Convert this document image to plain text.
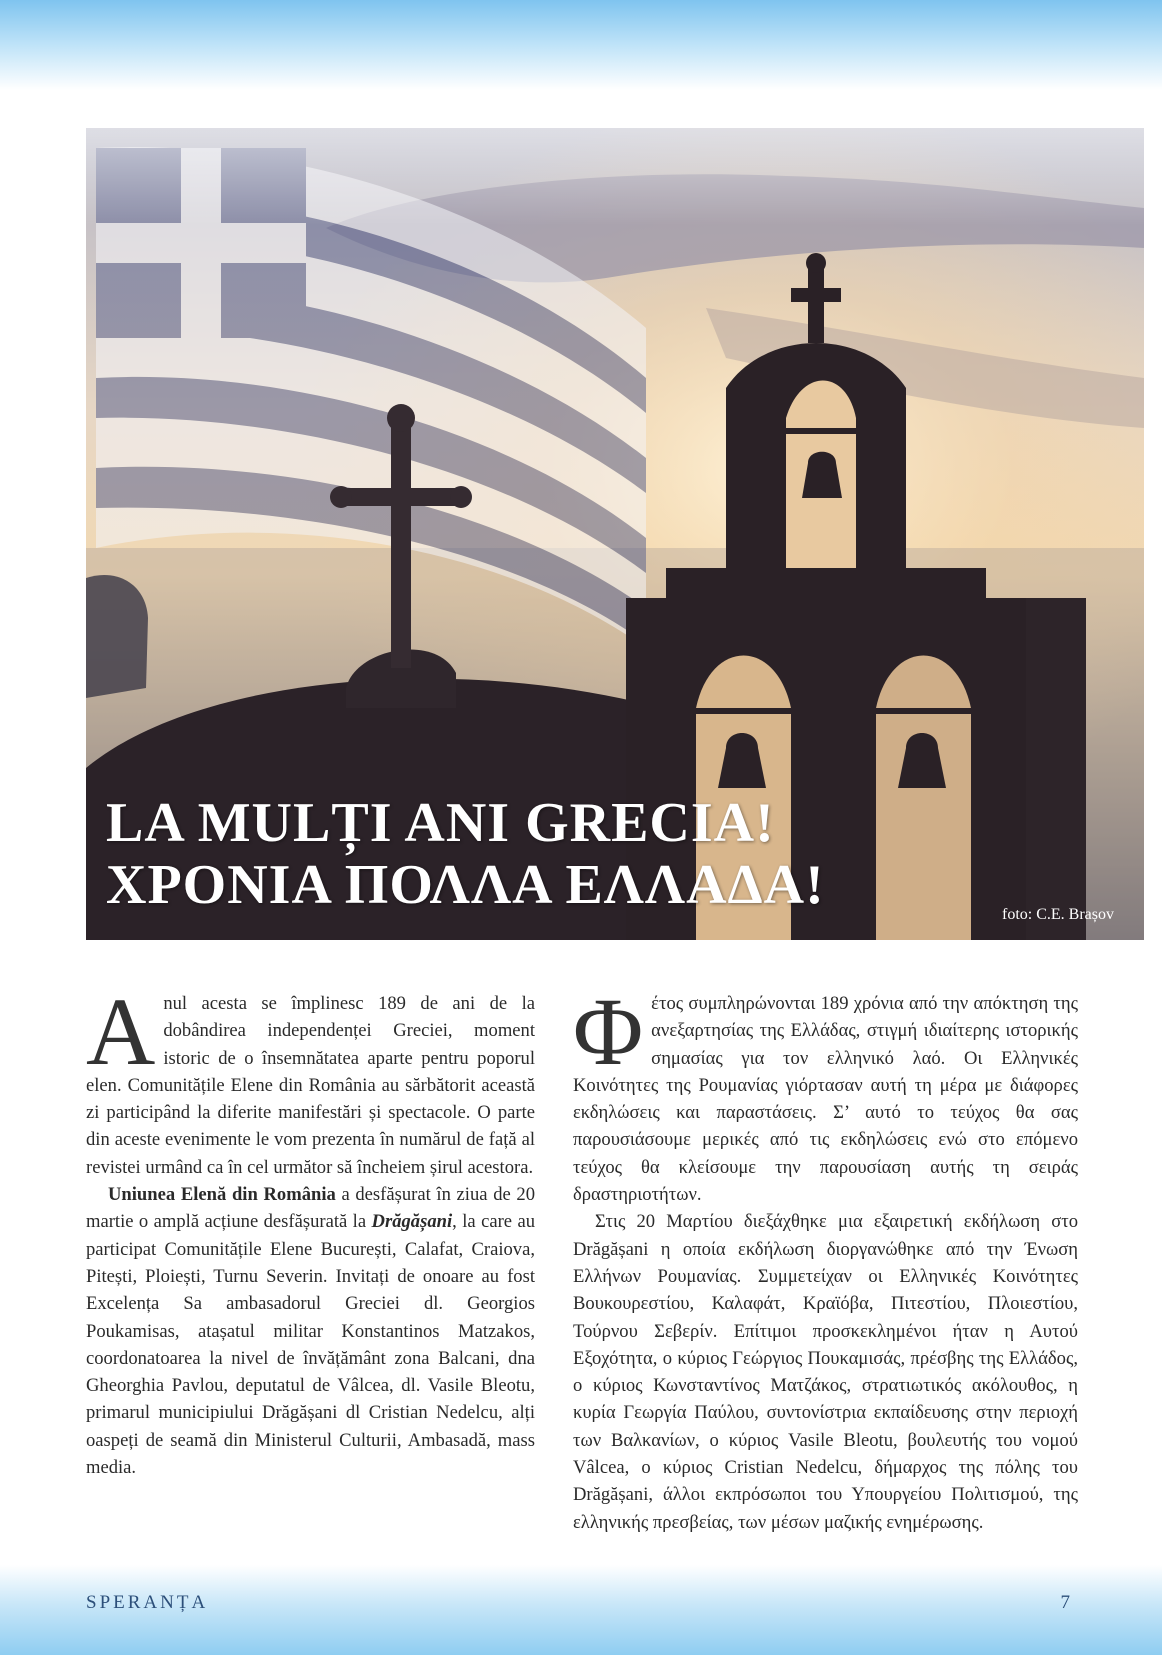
LA MULȚI ANI GRECIA!
ΧΡΟΝΙΑ ΠΟΛΛΑ ΕΛΛΑΔΑ!	foto: C.E. Brașov

Anul acesta se împlinesc 189 de ani de la dobândirea independenței Greciei, moment istoric de o însemnătatea aparte pentru poporul elen. Comunitățile Elene din România au sărbătorit această zi participând la diferite manifestări și spectacole. O parte din aceste evenimente le vom prezenta în numărul de față al revistei urmând ca în cel următor să încheiem șirul acestora.

Uniunea Elenă din România a desfășurat în ziua de 20 martie o amplă acțiune desfășurată la Drăgășani, la care au participat Comunitățile Elene București, Calafat, Craiova, Pitești, Ploiești, Turnu Severin. Invitați de onoare au fost Excelența Sa ambasadorul Greciei dl. Georgios Poukamisas, atașatul militar Konstantinos Matzakos, coordonatoarea la nivel de învățământ zona Balcani, dna Gheorghia Pavlou, deputatul de Vâlcea, dl. Vasile Bleotu, primarul municipiului Drăgășani dl Cristian Nedelcu, alți oaspeți de seamă din Ministerul Culturii, Ambasadă, mass media.

Φέτος συμπληρώνονται 189 χρόνια από την απόκτηση της ανεξαρτησίας της Ελλάδας, στιγμή ιδιαίτερης ιστορικής σημασίας για τον ελληνικό λαό. Οι Ελληνικές Κοινότητες της Ρουμανίας γιόρτασαν αυτή τη μέρα με διάφορες εκδηλώσεις και παραστάσεις. Σ’ αυτό το τεύχος θα σας παρουσιάσουμε μερικές από τις εκδηλώσεις ενώ στο επόμενο τεύχος θα κλείσουμε την παρουσίαση αυτής τη σειράς δραστηριοτήτων.

Στις 20 Μαρτίου διεξάχθηκε μια εξαιρετική εκδήλωση στο Drăgășani η οποία εκδήλωση διοργανώθηκε από την Ένωση Ελλήνων Ρουμανίας. Συμμετείχαν οι Ελληνικές Κοινότητες Βουκουρεστίου, Καλαφάτ, Κραϊόβα, Πιτεστίου, Πλοιεστίου, Τούρνου Σεβερίν. Επίτιμοι προσκεκλημένοι ήταν η Αυτού Εξοχότητα, ο κύριος Γεώργιος Πουκαμισάς, πρέσβης της Ελλάδος, ο κύριος Κωνσταντίνος Ματζάκος, στρατιωτικός ακόλουθος, η κυρία Γεωργία Παύλου, συντονίστρια εκπαίδευσης στην περιοχή των Βαλκανίων, ο κύριος Vasile Bleotu, βουλευτής του νομού Vâlcea, ο κύριος Cristian Nedelcu, δήμαρχος της πόλης του Drăgășani, άλλοι εκπρόσωποι του Υπουργείου Πολιτισμού, της ελληνικής πρεσβείας, των μέσων μαζικής ενημέρωσης.

SPERANȚA	7
